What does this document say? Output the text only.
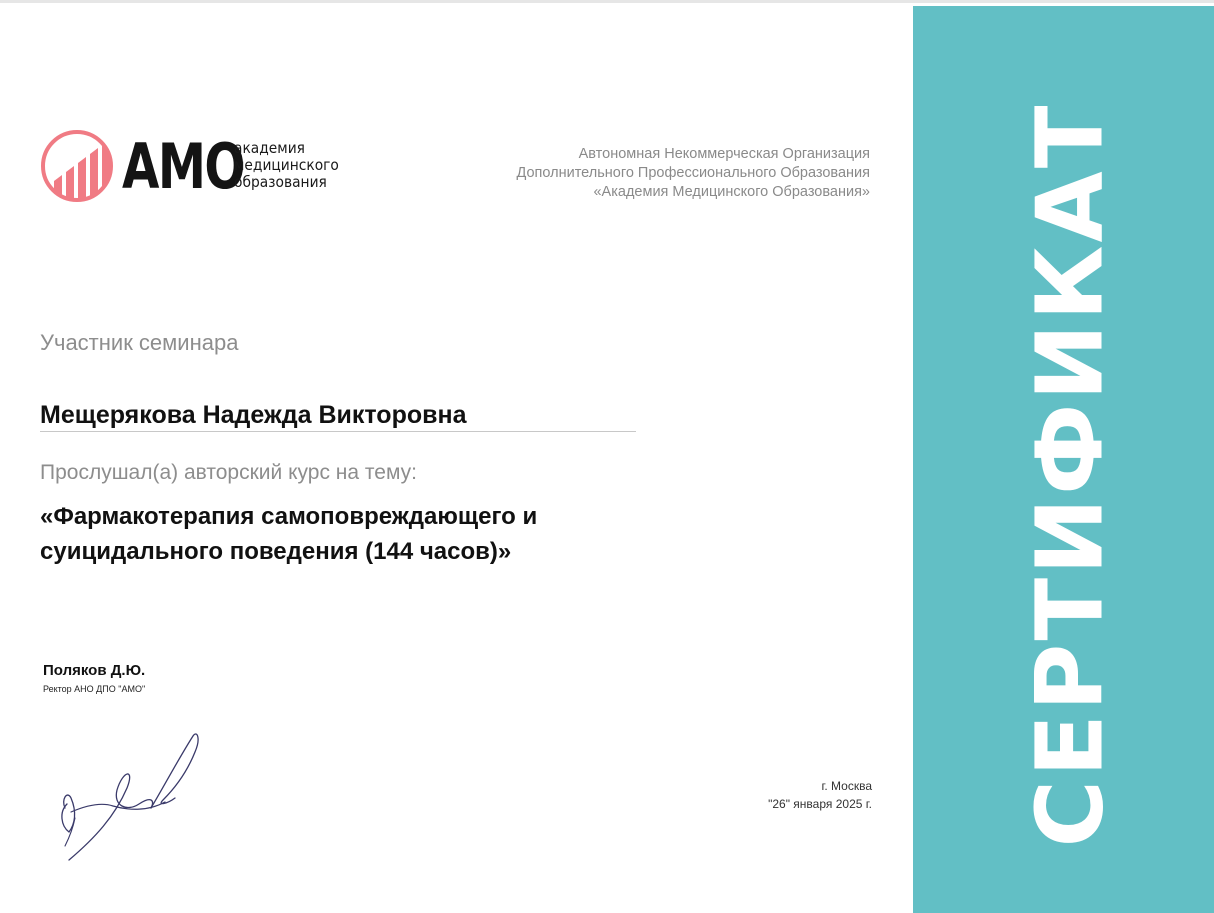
СЕРТИФИКАТ
АМО
академия
медицинского
образования
Автономная Некоммерческая Организация
Дополнительного Профессионального Образования
«Академия Медицинского Образования»
Участник семинара
Мещерякова Надежда Викторовна
Прослушал(а) авторский курс на тему:
«Фармакотерапия самоповреждающего и
суицидального поведения (144 часов)»
Поляков Д.Ю.
Ректор АНО ДПО "АМО"
г. Москва
"26" января 2025 г.
